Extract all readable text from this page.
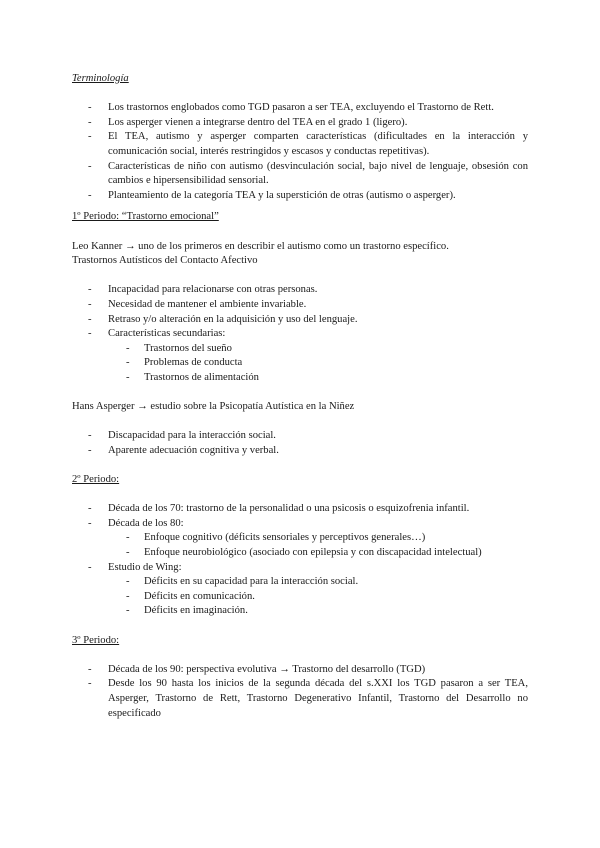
Terminología

- Los trastornos englobados como TGD pasaron a ser TEA, excluyendo el Trastorno de Rett.
- Los asperger vienen a integrarse dentro del TEA en el grado 1 (ligero).
- El TEA, autismo y asperger comparten características (dificultades en la interacción y comunicación social, interés restringidos y escasos y conductas repetitivas).
- Características de niño con autismo (desvinculación social, bajo nivel de lenguaje, obsesión con cambios e hipersensibilidad sensorial.
- Planteamiento de la categoría TEA y la superstición de otras (autismo o asperger).

1º Periodo: “Trastorno emocional”

Leo Kanner → uno de los primeros en describir el autismo como un trastorno específico.

Trastornos Autísticos del Contacto Afectivo

- Incapacidad para relacionarse con otras personas.
- Necesidad de mantener el ambiente invariable.
- Retraso y/o alteración en la adquisición y uso del lenguaje.
- Características secundarias:
- Trastornos del sueño
- Problemas de conducta
- Trastornos de alimentación

Hans Asperger → estudio sobre la Psicopatía Autística en la Niñez

- Discapacidad para la interacción social.
- Aparente adecuación cognitiva y verbal.

2º Periodo:

- Década de los 70: trastorno de la personalidad o una psicosis o esquizofrenia infantil.
- Década de los 80:
- Enfoque cognitivo (déficits sensoriales y perceptivos generales…)
- Enfoque neurobiológico (asociado con epilepsia y con discapacidad intelectual)
- Estudio de Wing:
- Déficits en su capacidad para la interacción social.
- Déficits en comunicación.
- Déficits en imaginación.

3º Periodo:

- Década de los 90: perspectiva evolutiva → Trastorno del desarrollo (TGD)
- Desde los 90 hasta los inicios de la segunda década del s.XXI los TGD pasaron a ser TEA, Asperger, Trastorno de Rett, Trastorno Degenerativo Infantil, Trastorno del Desarrollo no especificado
